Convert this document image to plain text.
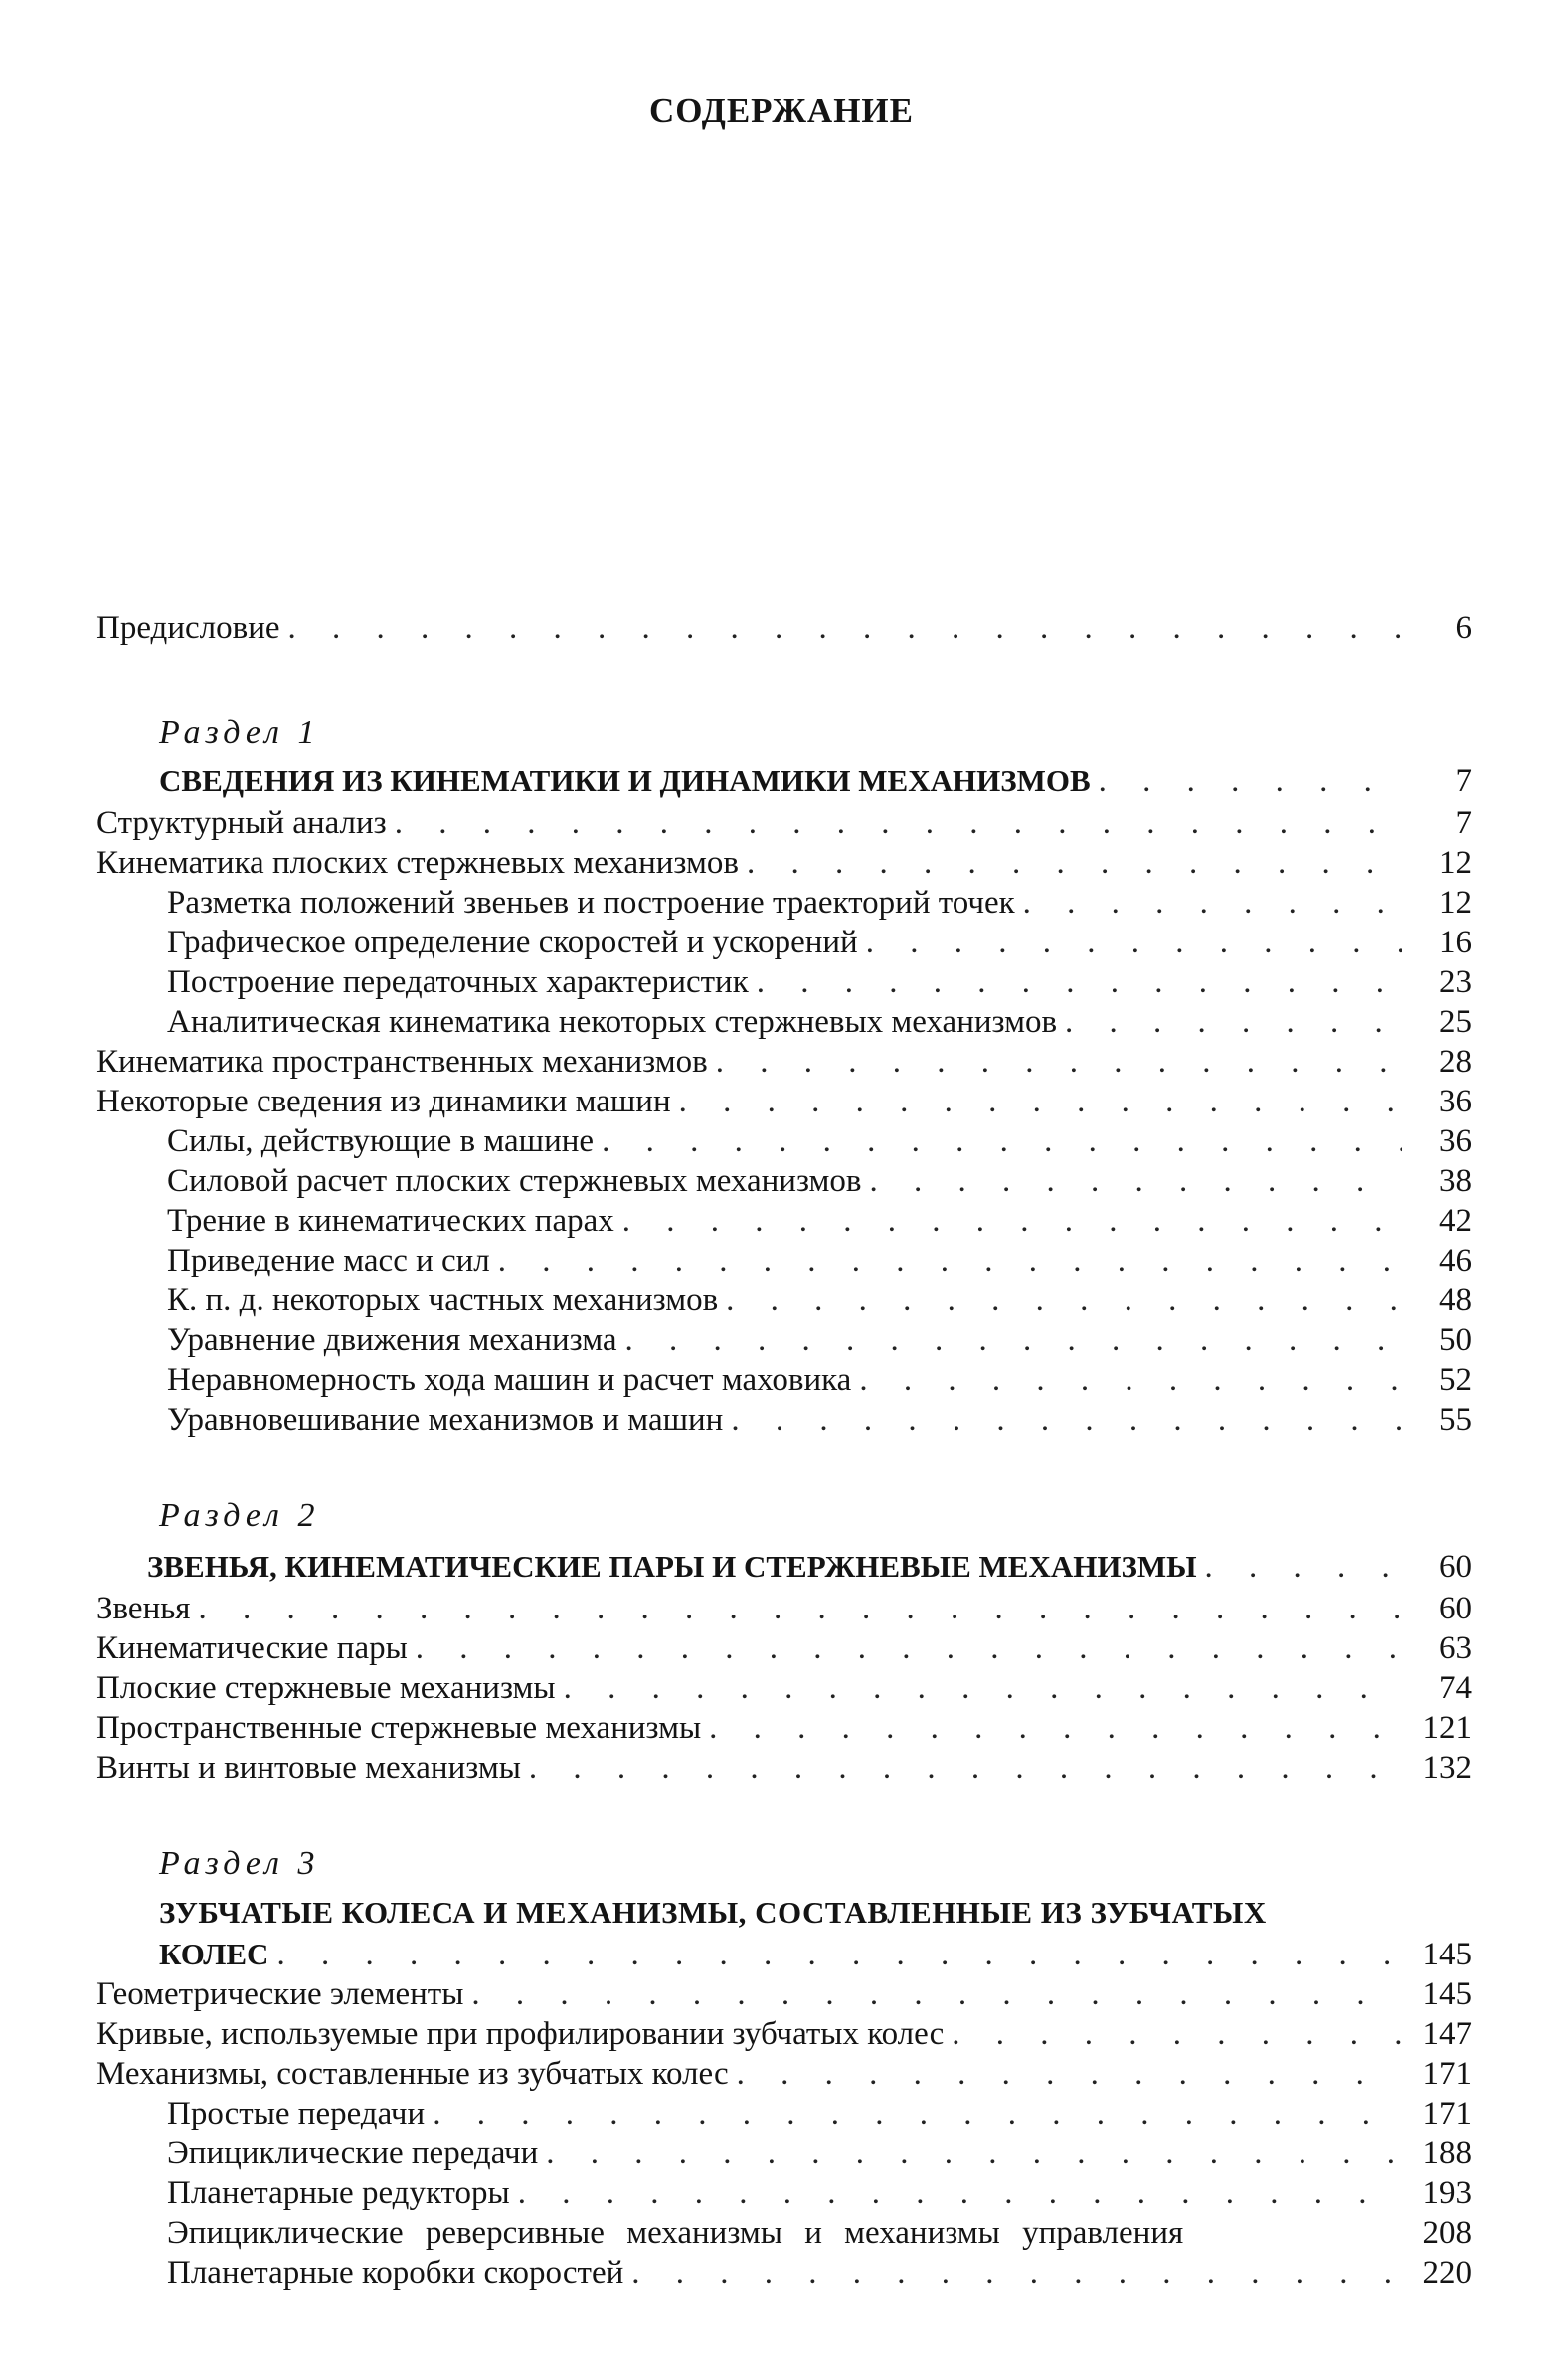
СОДЕРЖАНИЕ
Предисловие . . .	6
Раздел 1
СВЕДЕНИЯ ИЗ КИНЕМАТИКИ И ДИНАМИКИ МЕХАНИЗМОВ . . .	7
Структурный анализ . . .	7
Кинематика плоских стержневых механизмов . . .	12
Разметка положений звеньев и построение траекторий точек . . .	12
Графическое определение скоростей и ускорений . . .	16
Построение передаточных характеристик . . .	23
Аналитическая кинематика некоторых стержневых механизмов . . .	25
Кинематика пространственных механизмов . . .	28
Некоторые сведения из динамики машин . . .	36
Силы, действующие в машине . . .	36
Силовой расчет плоских стержневых механизмов . . .	38
Трение в кинематических парах . . .	42
Приведение масс и сил . . .	46
К. п. д. некоторых частных механизмов . . .	48
Уравнение движения механизма . . .	50
Неравномерность хода машин и расчет маховика . . .	52
Уравновешивание механизмов и машин . . .	55
Раздел 2
ЗВЕНЬЯ, КИНЕМАТИЧЕСКИЕ ПАРЫ И СТЕРЖНЕВЫЕ МЕХАНИЗМЫ . . .	60
Звенья . . .	60
Кинематические пары . . .	63
Плоские стержневые механизмы . . .	74
Пространственные стержневые механизмы . . .	121
Винты и винтовые механизмы . . .	132
Раздел 3
ЗУБЧАТЫЕ КОЛЕСА И МЕХАНИЗМЫ, СОСТАВЛЕННЫЕ ИЗ ЗУБЧАТЫХ
КОЛЕС . . .	145
Геометрические элементы . . .	145
Кривые, используемые при профилировании зубчатых колес . . .	147
Механизмы, составленные из зубчатых колес . . .	171
Простые передачи . . .	171
Эпициклические передачи . . .	188
Планетарные редукторы . . .	193
Эпициклические реверсивные механизмы и механизмы управления	208
Планетарные коробки скоростей . . .	220
